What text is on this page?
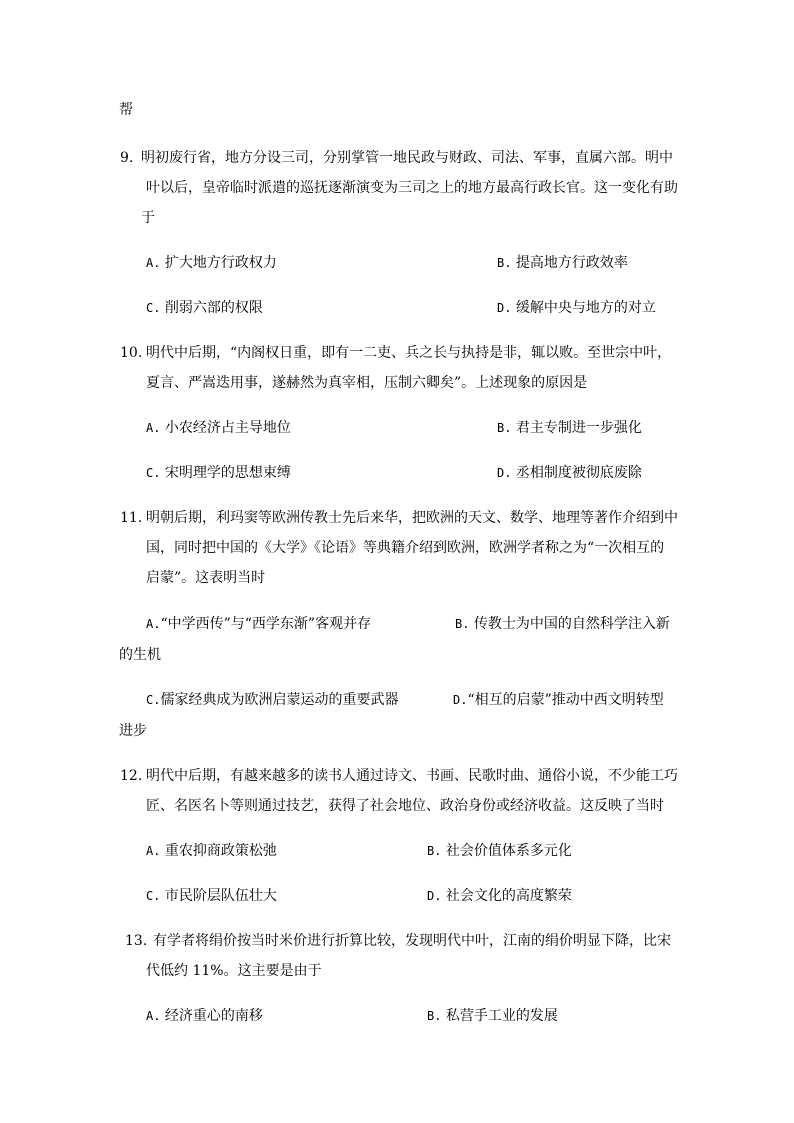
帮
9. 明初废行省，地方分设三司，分别掌管一地民政与财政、司法、军事，直属六部。明中
叶以后，皇帝临时派遣的巡抚逐渐演变为三司之上的地方最高行政长官。这一变化有助
于
A. 扩大地方行政权力	B. 提高地方行政效率
C. 削弱六部的权限	D. 缓解中央与地方的对立
10. 明代中后期，“内阁权日重，即有一二吏、兵之长与执持是非，辄以败。至世宗中叶，
夏言、严嵩迭用事，遂赫然为真宰相，压制六卿矣”。上述现象的原因是
A. 小农经济占主导地位	B. 君主专制进一步强化
C. 宋明理学的思想束缚	D. 丞相制度被彻底废除
11. 明朝后期，利玛窦等欧洲传教士先后来华，把欧洲的天文、数学、地理等著作介绍到中
国，同时把中国的《大学》《论语》等典籍介绍到欧洲，欧洲学者称之为“一次相互的
启蒙”。这表明当时
A.“中学西传”与“西学东渐”客观并存	B. 传教士为中国的自然科学注入新
的生机
C.儒家经典成为欧洲启蒙运动的重要武器	D.“相互的启蒙”推动中西文明转型
进步
12. 明代中后期，有越来越多的读书人通过诗文、书画、民歌时曲、通俗小说，不少能工巧
匠、名医名卜等则通过技艺，获得了社会地位、政治身份或经济收益。这反映了当时
A. 重农抑商政策松弛	B. 社会价值体系多元化
C. 市民阶层队伍壮大	D. 社会文化的高度繁荣
13. 有学者将绢价按当时米价进行折算比较，发现明代中叶，江南的绢价明显下降，比宋
代低约 11%。这主要是由于
A. 经济重心的南移	B. 私营手工业的发展
